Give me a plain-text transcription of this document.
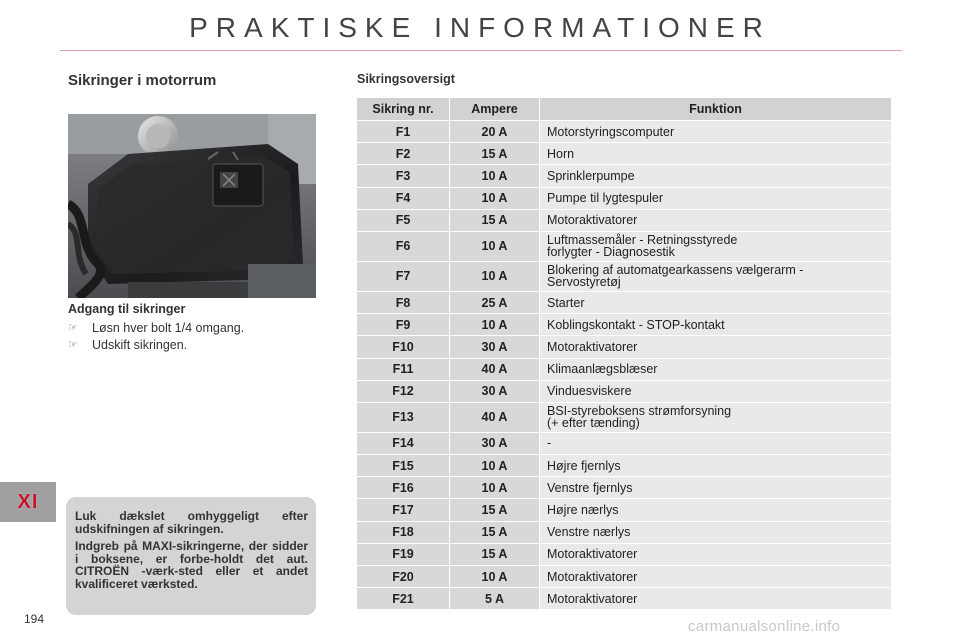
PRAKTISKE INFORMATIONER
Sikringer i motorrum
Adgang til sikringer
☞	Løsn hver bolt 1/4 omgang.
☞	Udskift sikringen.
XI

Luk dækslet omhyggeligt efter udskifningen af sikringen.

Indgreb på MAXI-sikringerne, der sidder i boksene, er forbe-holdt det aut. CITROËN -værk-sted eller et andet kvalificeret værksted.

194
Sikringsoversigt
Sikring nr.	Ampere	Funktion
F1	20 A	Motorstyringscomputer

F2	15 A	Horn

F3	10 A	Sprinklerpumpe

F4	10 A	Pumpe til lygtespuler

F5	15 A	Motoraktivatorer

F6	10 A	Luftmassemåler - Retningsstyrede
forlygter - Diagnosestik

F7	10 A	Blokering af automatgearkassens vælgerarm -
Servostyretøj

F8	25 A	Starter

F9	10 A	Koblingskontakt - STOP-kontakt

F10	30 A	Motoraktivatorer

F11	40 A	Klimaanlægsblæser

F12	30 A	Vinduesviskere

F13	40 A	BSI-styreboksens strømforsyning
(+ efter tænding)

F14	30 A	-

F15	10 A	Højre fjernlys

F16	10 A	Venstre fjernlys

F17	15 A	Højre nærlys

F18	15 A	Venstre nærlys

F19	15 A	Motoraktivatorer

F20	10 A	Motoraktivatorer

F21	5 A	Motoraktivatorer
carmanualsonline.info
